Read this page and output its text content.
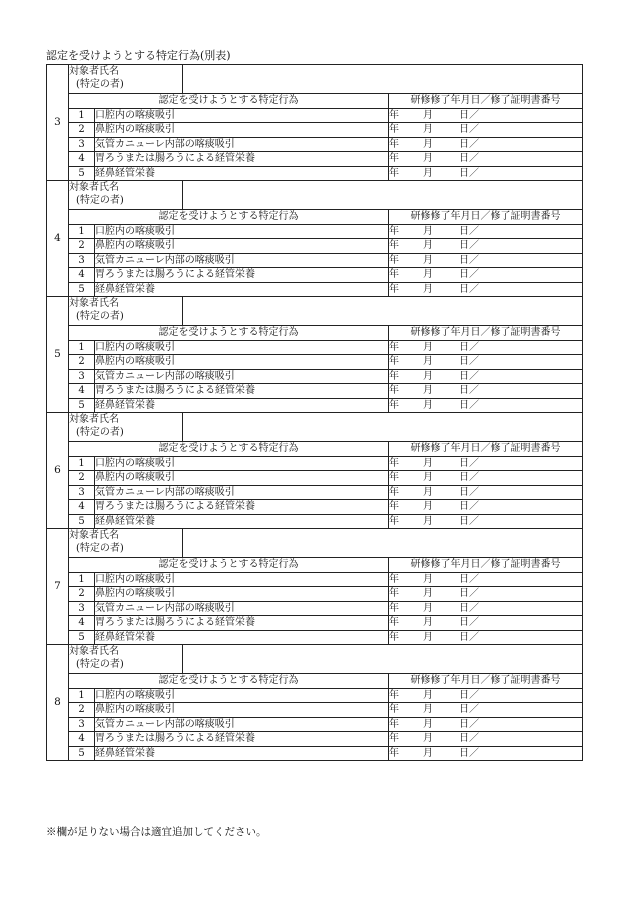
認定を受けようとする特定行為(別表)
3	対象者氏名
(特定の者)			

	認定を受けようとする特定行為			研修修了年月日／修了証明書番号
	1	口腔内の喀痰吸引		年 月 日／
	2	鼻腔内の喀痰吸引		年 月 日／
	3	気管カニューレ内部の喀痰吸引		年 月 日／
	4	胃ろうまたは腸ろうによる経管栄養		年 月 日／
	5	経鼻経管栄養		年 月 日／
4	対象者氏名
(特定の者)			

	認定を受けようとする特定行為			研修修了年月日／修了証明書番号
	1	口腔内の喀痰吸引		年 月 日／
	2	鼻腔内の喀痰吸引		年 月 日／
	3	気管カニューレ内部の喀痰吸引		年 月 日／
	4	胃ろうまたは腸ろうによる経管栄養		年 月 日／
	5	経鼻経管栄養		年 月 日／
5	対象者氏名
(特定の者)			

	認定を受けようとする特定行為			研修修了年月日／修了証明書番号
	1	口腔内の喀痰吸引		年 月 日／
	2	鼻腔内の喀痰吸引		年 月 日／
	3	気管カニューレ内部の喀痰吸引		年 月 日／
	4	胃ろうまたは腸ろうによる経管栄養		年 月 日／
	5	経鼻経管栄養		年 月 日／
6	対象者氏名
(特定の者)			

	認定を受けようとする特定行為			研修修了年月日／修了証明書番号
	1	口腔内の喀痰吸引		年 月 日／
	2	鼻腔内の喀痰吸引		年 月 日／
	3	気管カニューレ内部の喀痰吸引		年 月 日／
	4	胃ろうまたは腸ろうによる経管栄養		年 月 日／
	5	経鼻経管栄養		年 月 日／
7	対象者氏名
(特定の者)			

	認定を受けようとする特定行為			研修修了年月日／修了証明書番号
	1	口腔内の喀痰吸引		年 月 日／
	2	鼻腔内の喀痰吸引		年 月 日／
	3	気管カニューレ内部の喀痰吸引		年 月 日／
	4	胃ろうまたは腸ろうによる経管栄養		年 月 日／
	5	経鼻経管栄養		年 月 日／
8	対象者氏名
(特定の者)			

	認定を受けようとする特定行為			研修修了年月日／修了証明書番号
	1	口腔内の喀痰吸引		年 月 日／
	2	鼻腔内の喀痰吸引		年 月 日／
	3	気管カニューレ内部の喀痰吸引		年 月 日／
	4	胃ろうまたは腸ろうによる経管栄養		年 月 日／
	5	経鼻経管栄養		年 月 日／
※欄が足りない場合は適宜追加してください。
